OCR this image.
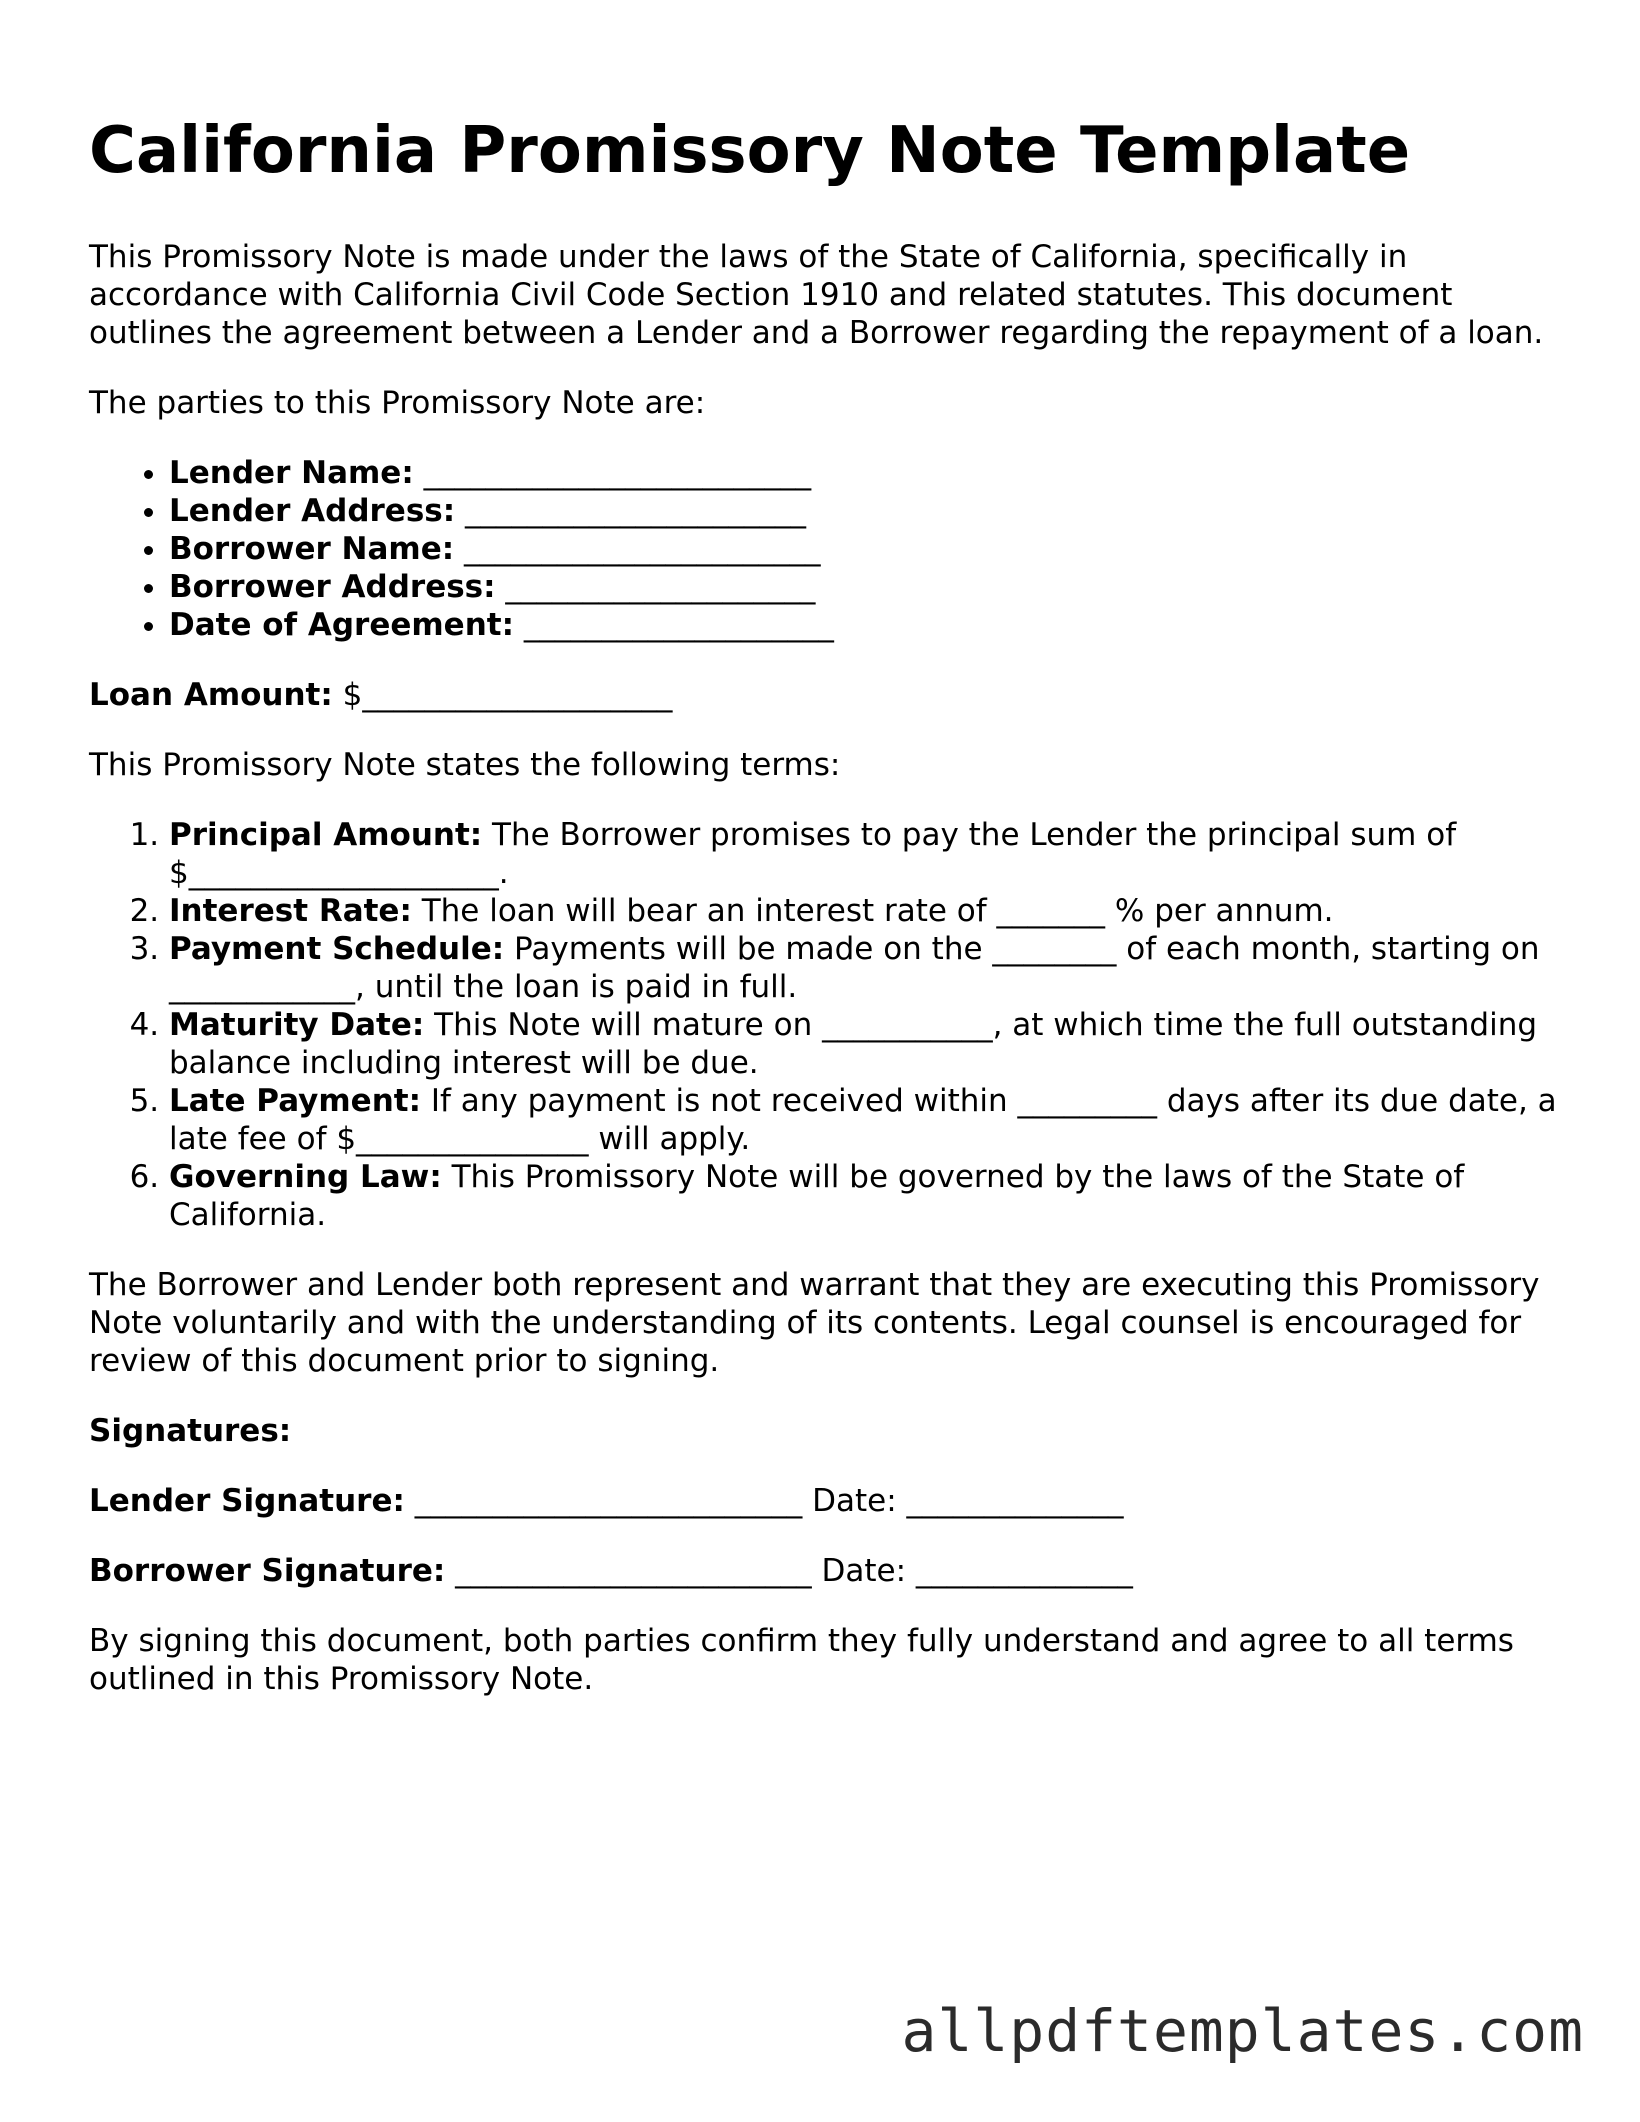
California Promissory Note Template

This Promissory Note is made under the laws of the State of California, specifically in accordance with California Civil Code Section 1910 and related statutes. This document outlines the agreement between a Lender and a Borrower regarding the repayment of a loan.

The parties to this Promissory Note are:

• Lender Name: _________________________
• Lender Address: ______________________
• Borrower Name: _______________________
• Borrower Address: ____________________
• Date of Agreement: ____________________

Loan Amount: $____________________

This Promissory Note states the following terms:

1. Principal Amount: The Borrower promises to pay the Lender the principal sum of $____________________.
2. Interest Rate: The loan will bear an interest rate of _______ % per annum.
3. Payment Schedule: Payments will be made on the ________ of each month, starting on ____________, until the loan is paid in full.
4. Maturity Date: This Note will mature on ___________, at which time the full outstanding balance including interest will be due.
5. Late Payment: If any payment is not received within _________ days after its due date, a late fee of $_______________ will apply.
6. Governing Law: This Promissory Note will be governed by the laws of the State of California.

The Borrower and Lender both represent and warrant that they are executing this Promissory Note voluntarily and with the understanding of its contents. Legal counsel is encouraged for review of this document prior to signing.

Signatures:

Lender Signature: _________________________ Date: ______________

Borrower Signature: _______________________ Date: ______________

By signing this document, both parties confirm they fully understand and agree to all terms outlined in this Promissory Note.

allpdftemplates.com
